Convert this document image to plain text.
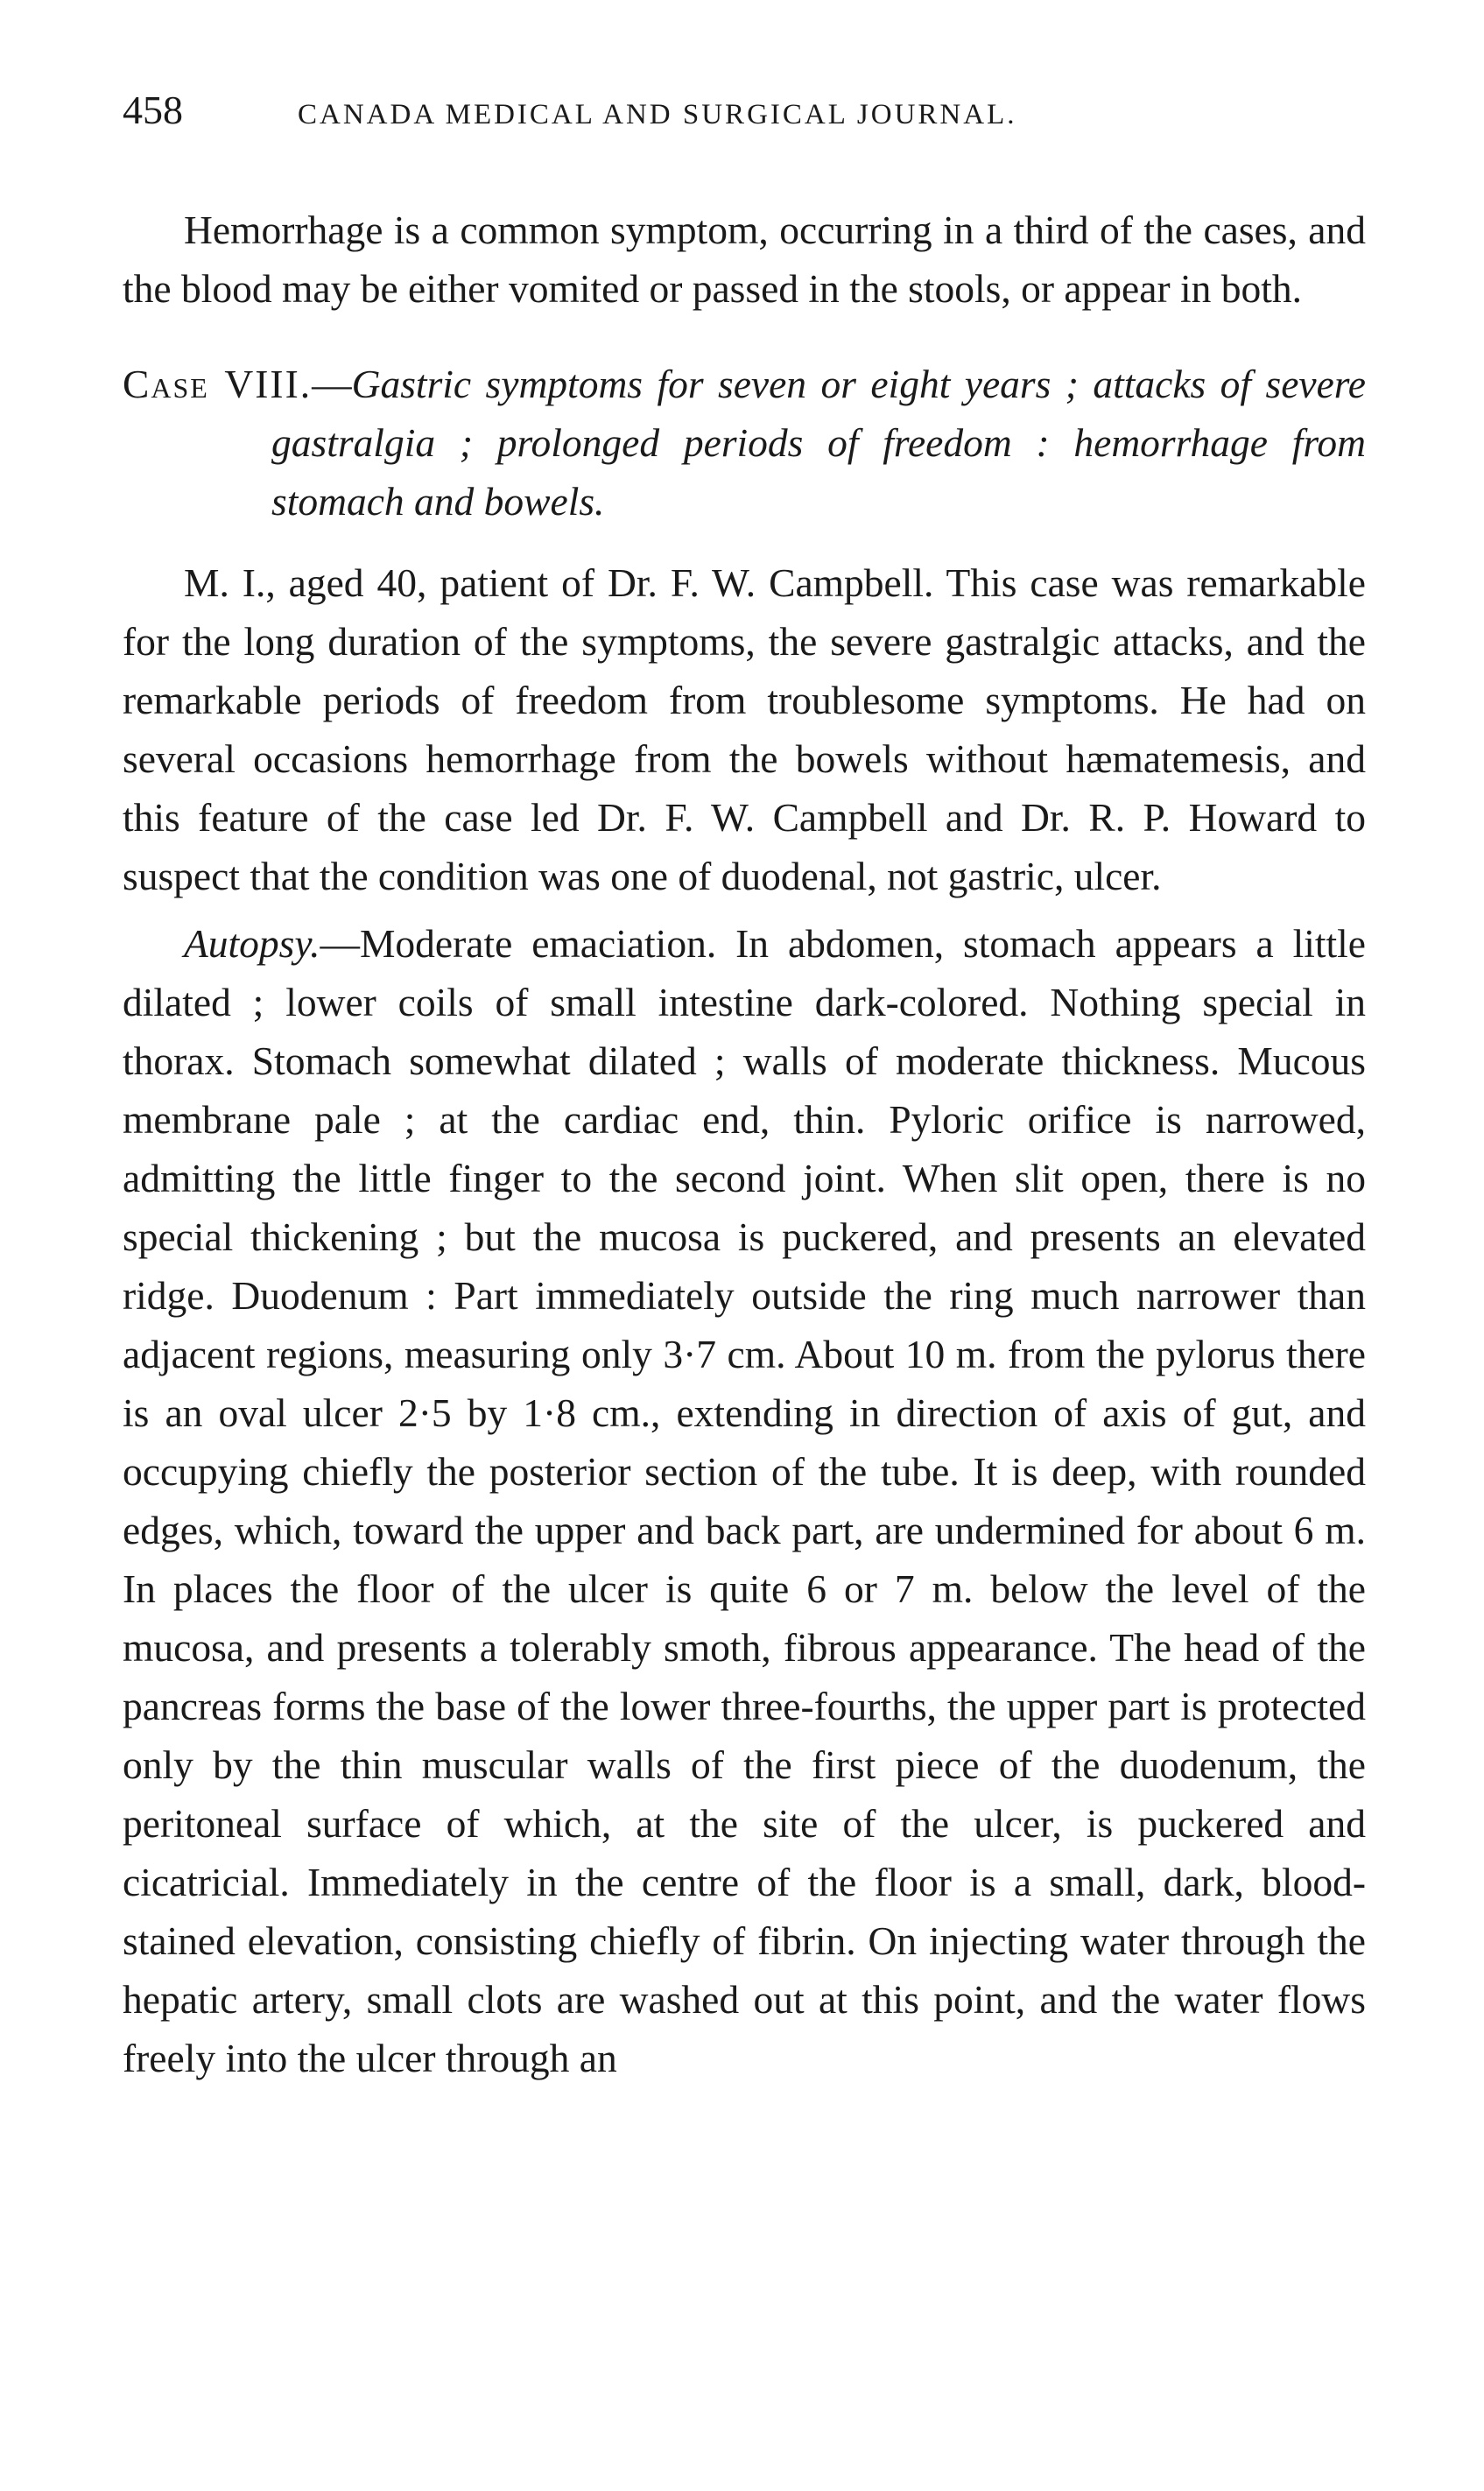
458	CANADA MEDICAL AND SURGICAL JOURNAL.

Hemorrhage is a common symptom, occurring in a third of the cases, and the blood may be either vomited or passed in the stools, or appear in both.

Case VIII.—Gastric symptoms for seven or eight years ; attacks of severe gastralgia ; prolonged periods of freedom : hemorrhage from stomach and bowels.

M. I., aged 40, patient of Dr. F. W. Campbell. This case was remarkable for the long duration of the symptoms, the severe gastralgic attacks, and the remarkable periods of freedom from troublesome symptoms. He had on several occasions hemorrhage from the bowels without hæmatemesis, and this feature of the case led Dr. F. W. Campbell and Dr. R. P. Howard to suspect that the condition was one of duodenal, not gastric, ulcer.

Autopsy.—Moderate emaciation. In abdomen, stomach appears a little dilated ; lower coils of small intestine dark-colored. Nothing special in thorax. Stomach somewhat dilated ; walls of moderate thickness. Mucous membrane pale ; at the cardiac end, thin. Pyloric orifice is narrowed, admitting the little finger to the second joint. When slit open, there is no special thickening ; but the mucosa is puckered, and presents an elevated ridge. Duodenum : Part immediately outside the ring much narrower than adjacent regions, measuring only 3·7 cm. About 10 m. from the pylorus there is an oval ulcer 2·5 by 1·8 cm., extending in direction of axis of gut, and occupying chiefly the posterior section of the tube. It is deep, with rounded edges, which, toward the upper and back part, are undermined for about 6 m. In places the floor of the ulcer is quite 6 or 7 m. below the level of the mucosa, and presents a tolerably smoth, fibrous appearance. The head of the pancreas forms the base of the lower three-fourths, the upper part is protected only by the thin muscular walls of the first piece of the duodenum, the peritoneal surface of which, at the site of the ulcer, is puckered and cicatricial. Immediately in the centre of the floor is a small, dark, blood-stained elevation, consisting chiefly of fibrin. On injecting water through the hepatic artery, small clots are washed out at this point, and the water flows freely into the ulcer through an
